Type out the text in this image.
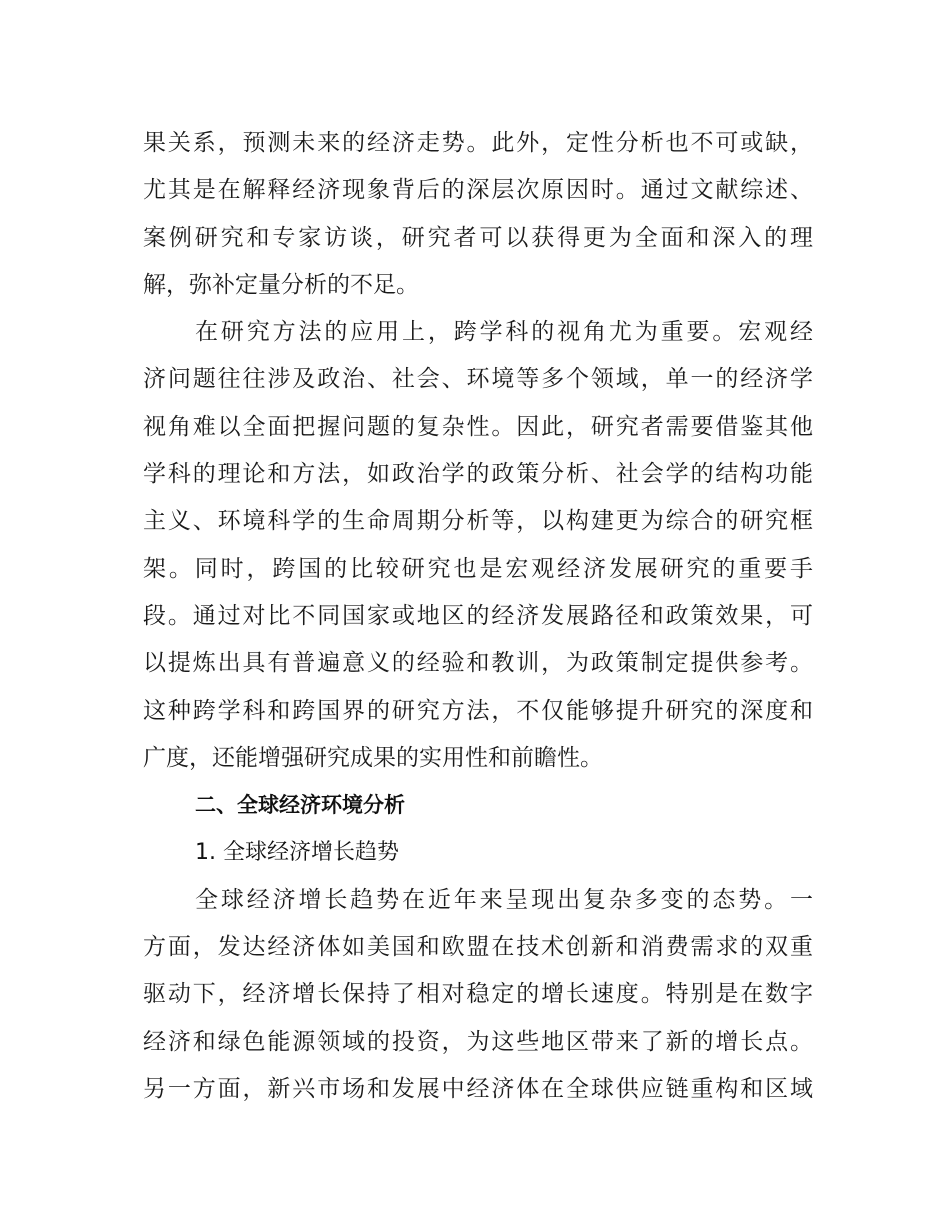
果关系，预测未来的经济走势。此外，定性分析也不可或缺，
尤其是在解释经济现象背后的深层次原因时。通过文献综述、
案例研究和专家访谈，研究者可以获得更为全面和深入的理
解，弥补定量分析的不足。
在研究方法的应用上，跨学科的视角尤为重要。宏观经
济问题往往涉及政治、社会、环境等多个领域，单一的经济学
视角难以全面把握问题的复杂性。因此，研究者需要借鉴其他
学科的理论和方法，如政治学的政策分析、社会学的结构功能
主义、环境科学的生命周期分析等，以构建更为综合的研究框
架。同时，跨国的比较研究也是宏观经济发展研究的重要手
段。通过对比不同国家或地区的经济发展路径和政策效果，可
以提炼出具有普遍意义的经验和教训，为政策制定提供参考。
这种跨学科和跨国界的研究方法，不仅能够提升研究的深度和
广度，还能增强研究成果的实用性和前瞻性。
二、全球经济环境分析
1. 全球经济增长趋势
全球经济增长趋势在近年来呈现出复杂多变的态势。一
方面，发达经济体如美国和欧盟在技术创新和消费需求的双重
驱动下，经济增长保持了相对稳定的增长速度。特别是在数字
经济和绿色能源领域的投资，为这些地区带来了新的增长点。
另一方面，新兴市场和发展中经济体在全球供应链重构和区域
